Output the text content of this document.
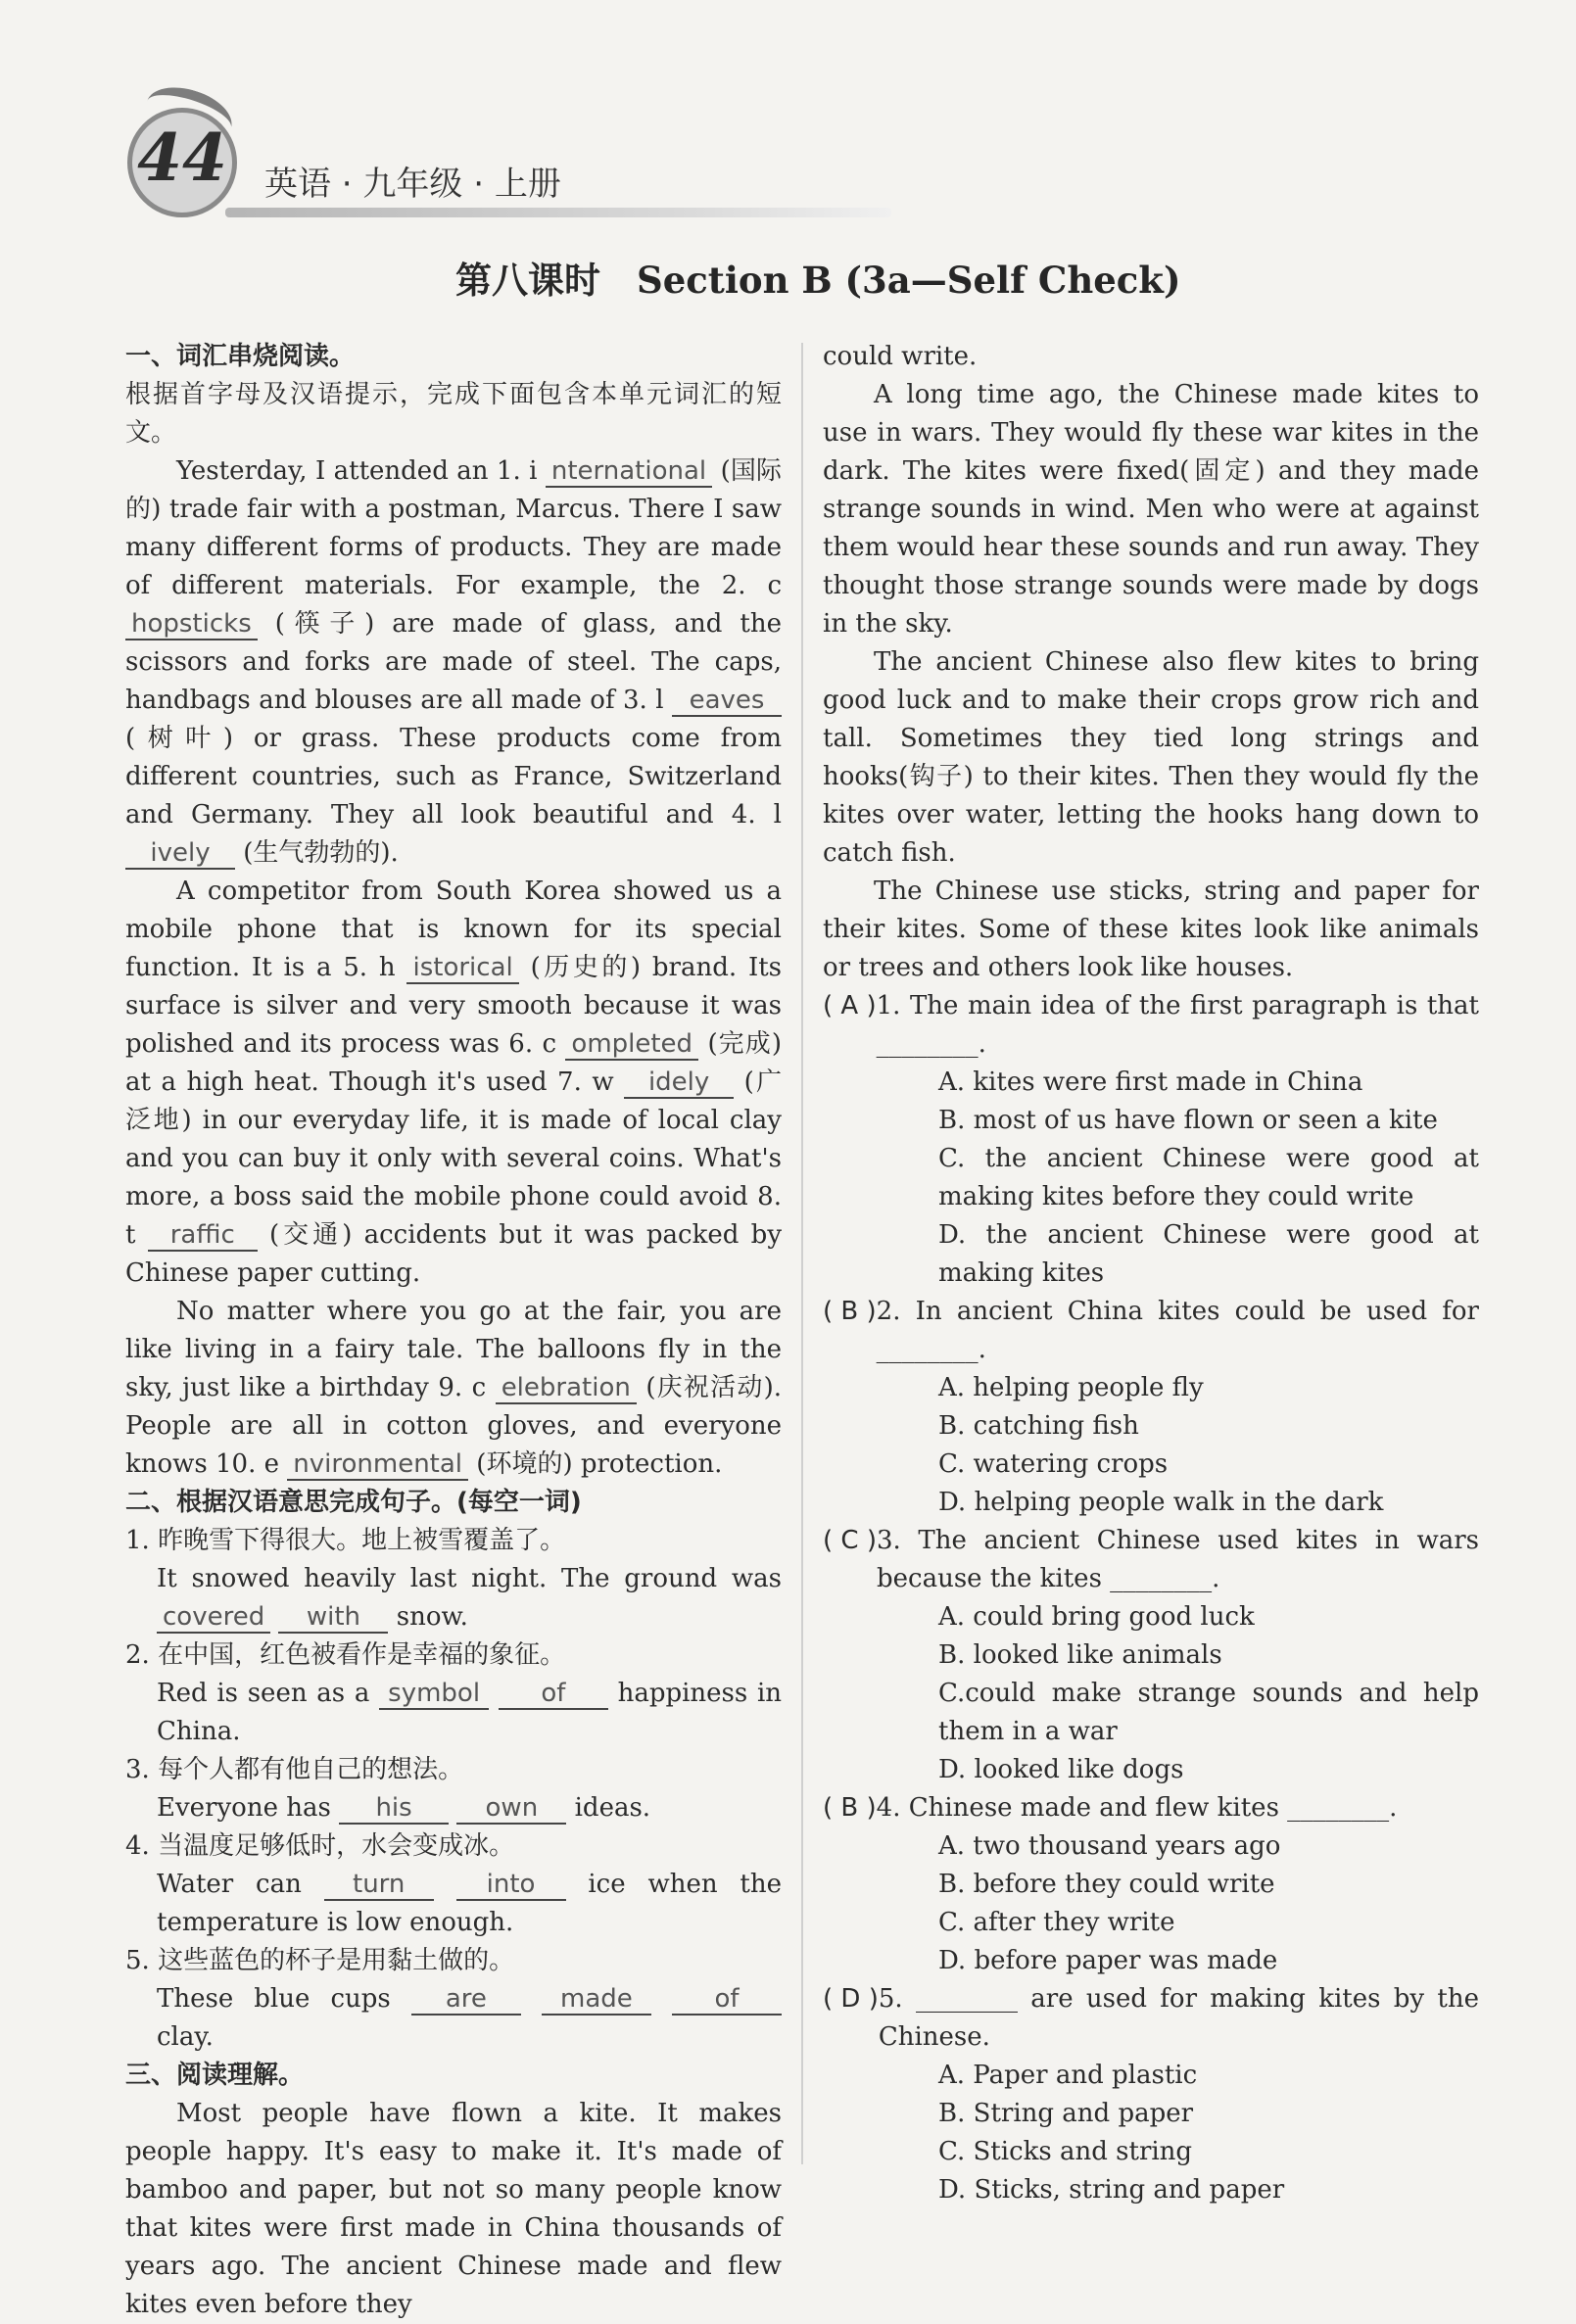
44 英语 · 九年级 · 上册
第八课时　Section B (3a—Self Check)

一、词汇串烧阅读。

根据首字母及汉语提示，完成下面包含本单元词汇的短文。

Yesterday, I attended an 1. i nternational (国际的) trade fair with a postman, Marcus. There I saw many different forms of products. They are made of different materials. For example, the 2. c hopsticks (筷子) are made of glass, and the scissors and forks are made of steel. The caps, handbags and blouses are all made of 3. l eaves (树叶) or grass. These products come from different countries, such as France, Switzerland and Germany. They all look beautiful and 4. l ively (生气勃勃的).

A competitor from South Korea showed us a mobile phone that is known for its special function. It is a 5. h istorical (历史的) brand. Its surface is silver and very smooth because it was polished and its process was 6. c ompleted (完成) at a high heat. Though it's used 7. w idely (广泛地) in our everyday life, it is made of local clay and you can buy it only with several coins. What's more, a boss said the mobile phone could avoid 8. t raffic (交通) accidents but it was packed by Chinese paper cutting.

No matter where you go at the fair, you are like living in a fairy tale. The balloons fly in the sky, just like a birthday 9. c elebration (庆祝活动). People are all in cotton gloves, and everyone knows 10. e nvironmental (环境的) protection.

二、根据汉语意思完成句子。(每空一词)

1. 昨晚雪下得很大。地上被雪覆盖了。

It snowed heavily last night. The ground was covered with snow.

2. 在中国，红色被看作是幸福的象征。

Red is seen as a symbol of happiness in China.

3. 每个人都有他自己的想法。

Everyone has his	own ideas.

4. 当温度足够低时，水会变成冰。

Water can turn	into ice when the temperature is low enough.

5. 这些蓝色的杯子是用黏土做的。

These blue cups are	made	of clay.

三、阅读理解。

Most people have flown a kite. It makes people happy. It's easy to make it. It's made of bamboo and paper, but not so many people know that kites were first made in China thousands of years ago. The ancient Chinese made and flew kites even before they

could write.

A long time ago, the Chinese made kites to use in wars. They would fly these war kites in the dark. The kites were fixed(固定) and they made strange sounds in wind. Men who were at against them would hear these sounds and run away. They thought those strange sounds were made by dogs in the sky.

The ancient Chinese also flew kites to bring good luck and to make their crops grow rich and tall. Sometimes they tied long strings and hooks(钩子) to their kites. Then they would fly the kites over water, letting the hooks hang down to catch fish.

The Chinese use sticks, string and paper for their kites. Some of these kites look like animals or trees and others look like houses.

( A ) 1. The main idea of the first paragraph is that ________.

A. kites were first made in China

B. most of us have flown or seen a kite

C. the ancient Chinese were good at making kites before they could write

D. the ancient Chinese were good at making kites

( B ) 2. In ancient China kites could be used for ________.

A. helping people fly

B. catching fish

C. watering crops

D. helping people walk in the dark

( C ) 3. The ancient Chinese used kites in wars because the kites ________.

A. could bring good luck

B. looked like animals

C.could make strange sounds and help them in a war

D. looked like dogs

( B ) 4. Chinese made and flew kites ________.

A. two thousand years ago

B. before they could write

C. after they write

D. before paper was made

( D ) 5. ________ are used for making kites by the Chinese.

A. Paper and plastic

B. String and paper

C. Sticks and string

D. Sticks, string and paper
